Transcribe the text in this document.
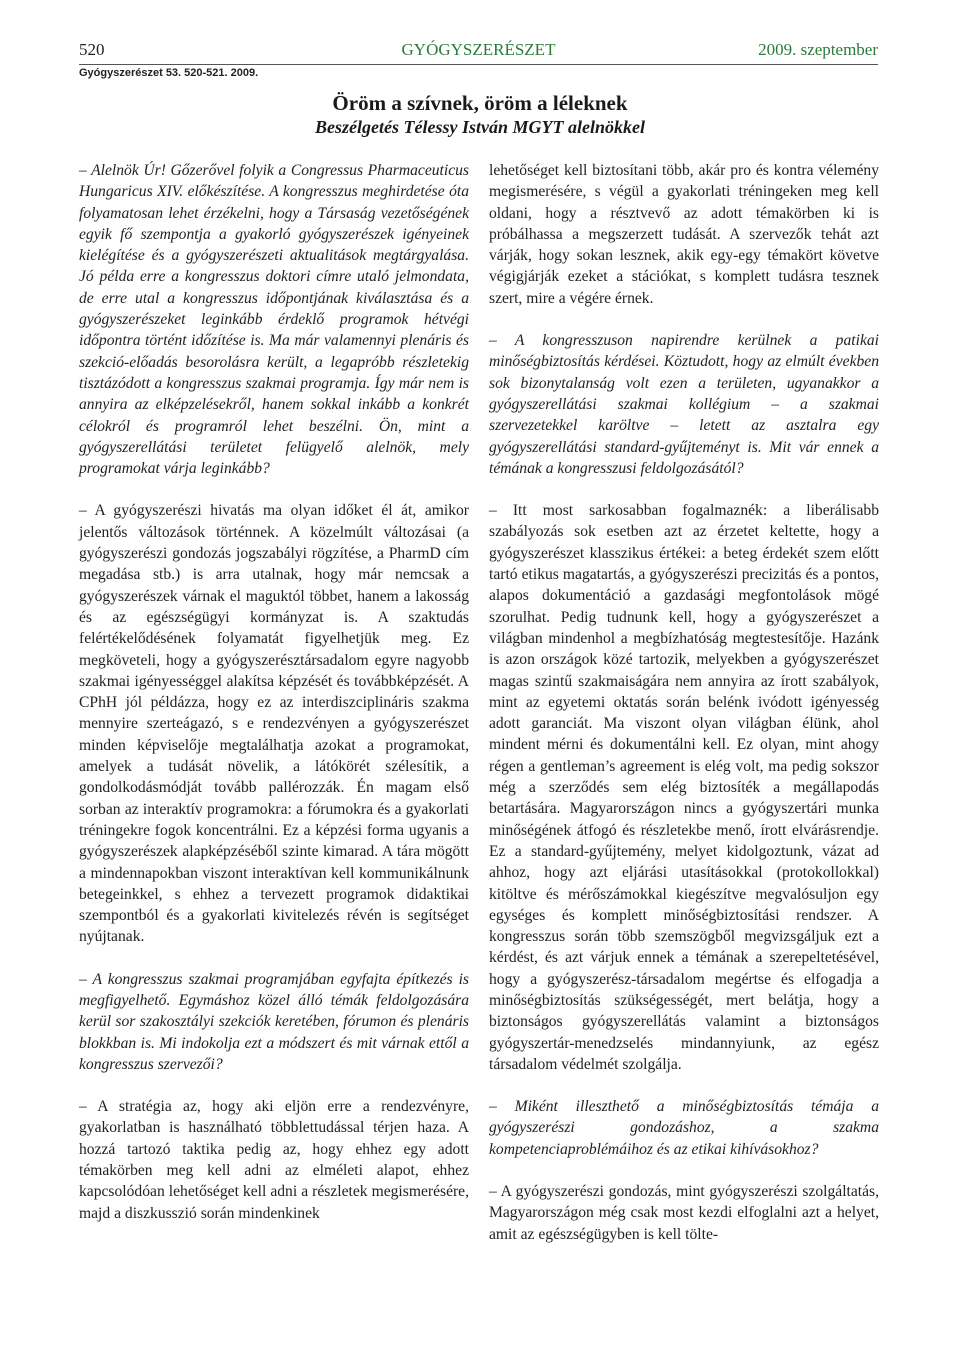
520	GYÓGYSZERÉSZET	2009. szeptember
Gyógyszerészet 53. 520-521. 2009.
Öröm a szívnek, öröm a léleknek
Beszélgetés Télessy István MGYT alelnökkel

– Alelnök Úr! Gőzerővel folyik a Congressus Pharmaceuticus Hungaricus XIV. előkészítése. A kongresszus meghirdetése óta folyamatosan lehet érzékelni, hogy a Társaság vezetőségének egyik fő szempontja a gyakorló gyógyszerészek igényeinek kielégítése és a gyógyszerészeti aktualitások megtárgyalása. Jó példa erre a kongresszus doktori címre utaló jelmondata, de erre utal a kongresszus időpontjának kiválasztása és a gyógyszerészeket leginkább érdeklő programok hétvégi időpontra történt időzítése is. Ma már valamennyi plenáris és szekció-előadás besorolásra került, a legapróbb részletekig tisztázódott a kongresszus szakmai programja. Így már nem is annyira az elképzelésekről, hanem sokkal inkább a konkrét célokról és programról lehet beszélni. Ön, mint a gyógyszerellátási területet felügyelő alelnök, mely programokat várja leginkább?

– A gyógyszerészi hivatás ma olyan időket él át, amikor jelentős változások történnek. A közelmúlt változásai (a gyógyszerészi gondozás jogszabályi rögzítése, a PharmD cím megadása stb.) is arra utalnak, hogy már nemcsak a gyógyszerészek várnak el maguktól többet, hanem a lakosság és az egészségügyi kormányzat is. A szaktudás felértékelődésének folyamatát figyelhetjük meg. Ez megköveteli, hogy a gyógyszerésztársadalom egyre nagyobb szakmai igényességgel alakítsa képzését és továbbképzését. A CPhH jól példázza, hogy ez az interdiszciplináris szakma mennyire szerteágazó, s e rendezvényen a gyógyszerészet minden képviselője megtalálhatja azokat a programokat, amelyek a tudását növelik, a látókörét szélesítik, a gondolkodásmódját tovább pallérozzák. Én magam első sorban az interaktív programokra: a fórumokra és a gyakorlati tréningekre fogok koncentrálni. Ez a képzési forma ugyanis a gyógyszerészek alapképzéséből szinte kimarad. A tára mögött a mindennapokban viszont interaktívan kell kommunikálnunk betegeinkkel, s ehhez a tervezett programok didaktikai szempontból és a gyakorlati kivitelezés révén is segítséget nyújtanak.

– A kongresszus szakmai programjában egyfajta építkezés is megfigyelhető. Egymáshoz közel álló témák feldolgozására kerül sor szakosztályi szekciók keretében, fórumon és plenáris blokkban is. Mi indokolja ezt a módszert és mit várnak ettől a kongresszus szervezői?

– A stratégia az, hogy aki eljön erre a rendezvényre, gyakorlatban is használható többlettudással térjen haza. A hozzá tartozó taktika pedig az, hogy ehhez egy adott témakörben meg kell adni az elméleti alapot, ehhez kapcsolódóan lehetőséget kell adni a részletek megismerésére, majd a diszkusszió során mindenkinek

lehetőséget kell biztosítani több, akár pro és kontra vélemény megismerésére, s végül a gyakorlati tréningeken meg kell oldani, hogy a résztvevő az adott témakörben ki is próbálhassa a megszerzett tudását. A szervezők tehát azt várják, hogy sokan lesznek, akik egy-egy témakört követve végigjárják ezeket a stációkat, s komplett tudásra tesznek szert, mire a végére érnek.

– A kongresszuson napirendre kerülnek a patikai minőségbiztosítás kérdései. Köztudott, hogy az elmúlt években sok bizonytalanság volt ezen a területen, ugyanakkor a gyógyszerellátási szakmai kollégium – a szakmai szervezetekkel karöltve – letett az asztalra egy gyógyszerellátási standard-gyűjteményt is. Mit vár ennek a témának a kongresszusi feldolgozásától?

– Itt most sarkosabban fogalmaznék: a liberálisabb szabályozás sok esetben azt az érzetet keltette, hogy a gyógyszerészet klasszikus értékei: a beteg érdekét szem előtt tartó etikus magatartás, a gyógyszerészi precizitás és a pontos, alapos dokumentáció a gazdasági megfontolások mögé szorulhat. Pedig tudnunk kell, hogy a gyógyszerészet a világban mindenhol a megbízhatóság megtestesítője. Hazánk is azon országok közé tartozik, melyekben a gyógyszerészet magas szintű szakmaiságára nem annyira az írott szabályok, mint az egyetemi oktatás során belénk ivódott igényesség adott garanciát. Ma viszont olyan világban élünk, ahol mindent mérni és dokumentálni kell. Ez olyan, mint ahogy régen a gentleman’s agreement is elég volt, ma pedig sokszor még a szerződés sem elég biztosíték a megállapodás betartására. Magyarországon nincs a gyógyszertári munka minőségének átfogó és részletekbe menő, írott elvárásrendje. Ez a standard-gyűjtemény, melyet kidolgoztunk, vázat ad ahhoz, hogy azt eljárási utasításokkal (protokollokkal) kitöltve és mérőszámokkal kiegészítve megvalósuljon egy egységes és komplett minőségbiztosítási rendszer. A kongresszus során több szemszögből megvizsgáljuk ezt a kérdést, és azt várjuk ennek a témának a szerepeltetésével, hogy a gyógyszerész-társadalom megértse és elfogadja a minőségbiztosítás szükségességét, mert belátja, hogy a biztonságos gyógyszerellátás valamint a biztonságos gyógyszertár-menedzselés mindannyiunk, az egész társadalom védelmét szolgálja.

– Miként illeszthető a minőségbiztosítás témája a gyógyszerészi gondozáshoz, a szakma kompetenciaproblémáihoz és az etikai kihívásokhoz?

– A gyógyszerészi gondozás, mint gyógyszerészi szolgáltatás, Magyarországon még csak most kezdi elfoglalni azt a helyet, amit az egészségügyben is kell tölte-
